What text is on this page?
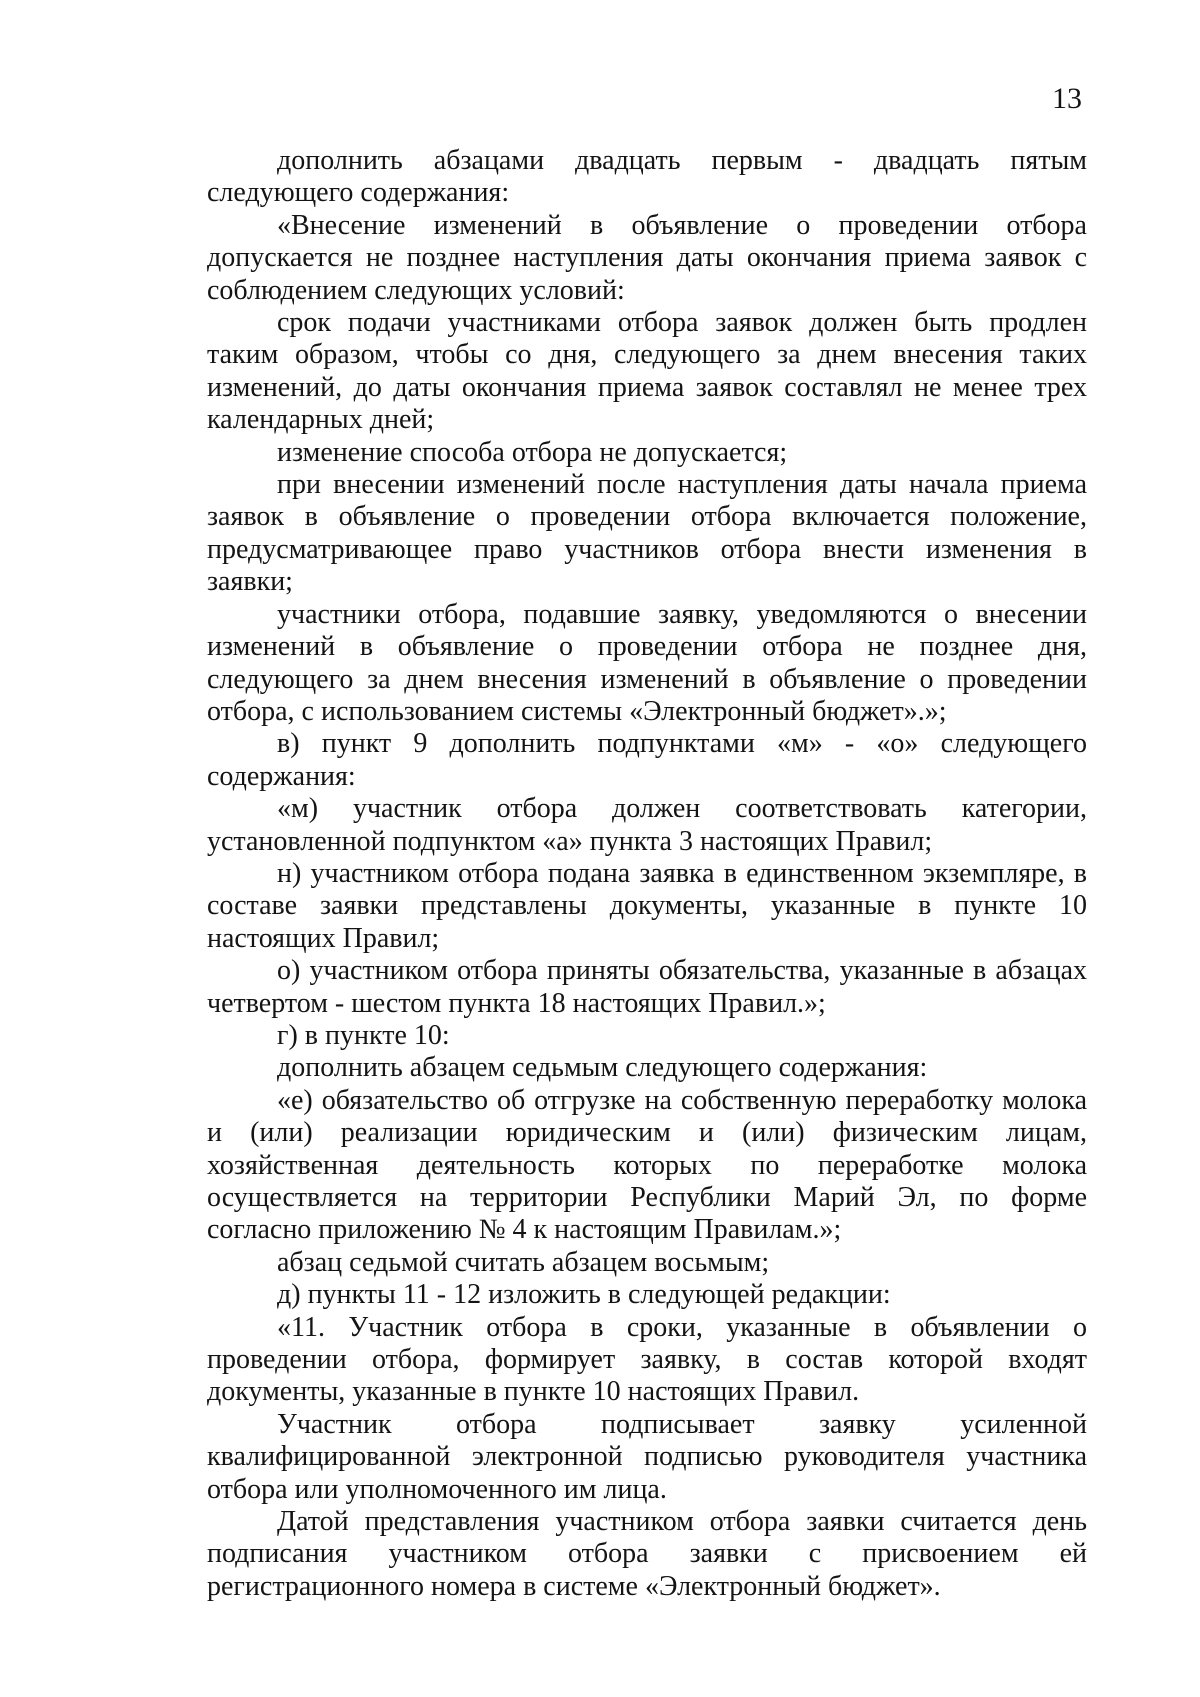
13

дополнить абзацами двадцать первым - двадцать пятым следующего содержания:

«Внесение изменений в объявление о проведении отбора допускается не позднее наступления даты окончания приема заявок с соблюдением следующих условий:

срок подачи участниками отбора заявок должен быть продлен таким образом, чтобы со дня, следующего за днем внесения таких изменений, до даты окончания приема заявок составлял не менее трех календарных дней;

изменение способа отбора не допускается;

при внесении изменений после наступления даты начала приема заявок в объявление о проведении отбора включается положение, предусматривающее право участников отбора внести изменения в заявки;

участники отбора, подавшие заявку, уведомляются о внесении изменений в объявление о проведении отбора не позднее дня, следующего за днем внесения изменений в объявление о проведении отбора, с использованием системы «Электронный бюджет».»;

в) пункт 9 дополнить подпунктами «м» - «о» следующего содержания:

«м) участник отбора должен соответствовать категории, установленной подпунктом «а» пункта 3 настоящих Правил;

н) участником отбора подана заявка в единственном экземпляре, в составе заявки представлены документы, указанные в пункте 10 настоящих Правил;

о) участником отбора приняты обязательства, указанные в абзацах четвертом - шестом пункта 18 настоящих Правил.»;

г) в пункте 10:

дополнить абзацем седьмым следующего содержания:

«е) обязательство об отгрузке на собственную переработку молока и (или) реализации юридическим и (или) физическим лицам, хозяйственная деятельность которых по переработке молока осуществляется на территории Республики Марий Эл, по форме согласно приложению № 4 к настоящим Правилам.»;

абзац седьмой считать абзацем восьмым;

д) пункты 11 - 12 изложить в следующей редакции:

«11. Участник отбора в сроки, указанные в объявлении о проведении отбора, формирует заявку, в состав которой входят документы, указанные в пункте 10 настоящих Правил.

Участник отбора подписывает заявку усиленной квалифицированной электронной подписью руководителя участника отбора или уполномоченного им лица.

Датой представления участником отбора заявки считается день подписания участником отбора заявки с присвоением ей регистрационного номера в системе «Электронный бюджет».
